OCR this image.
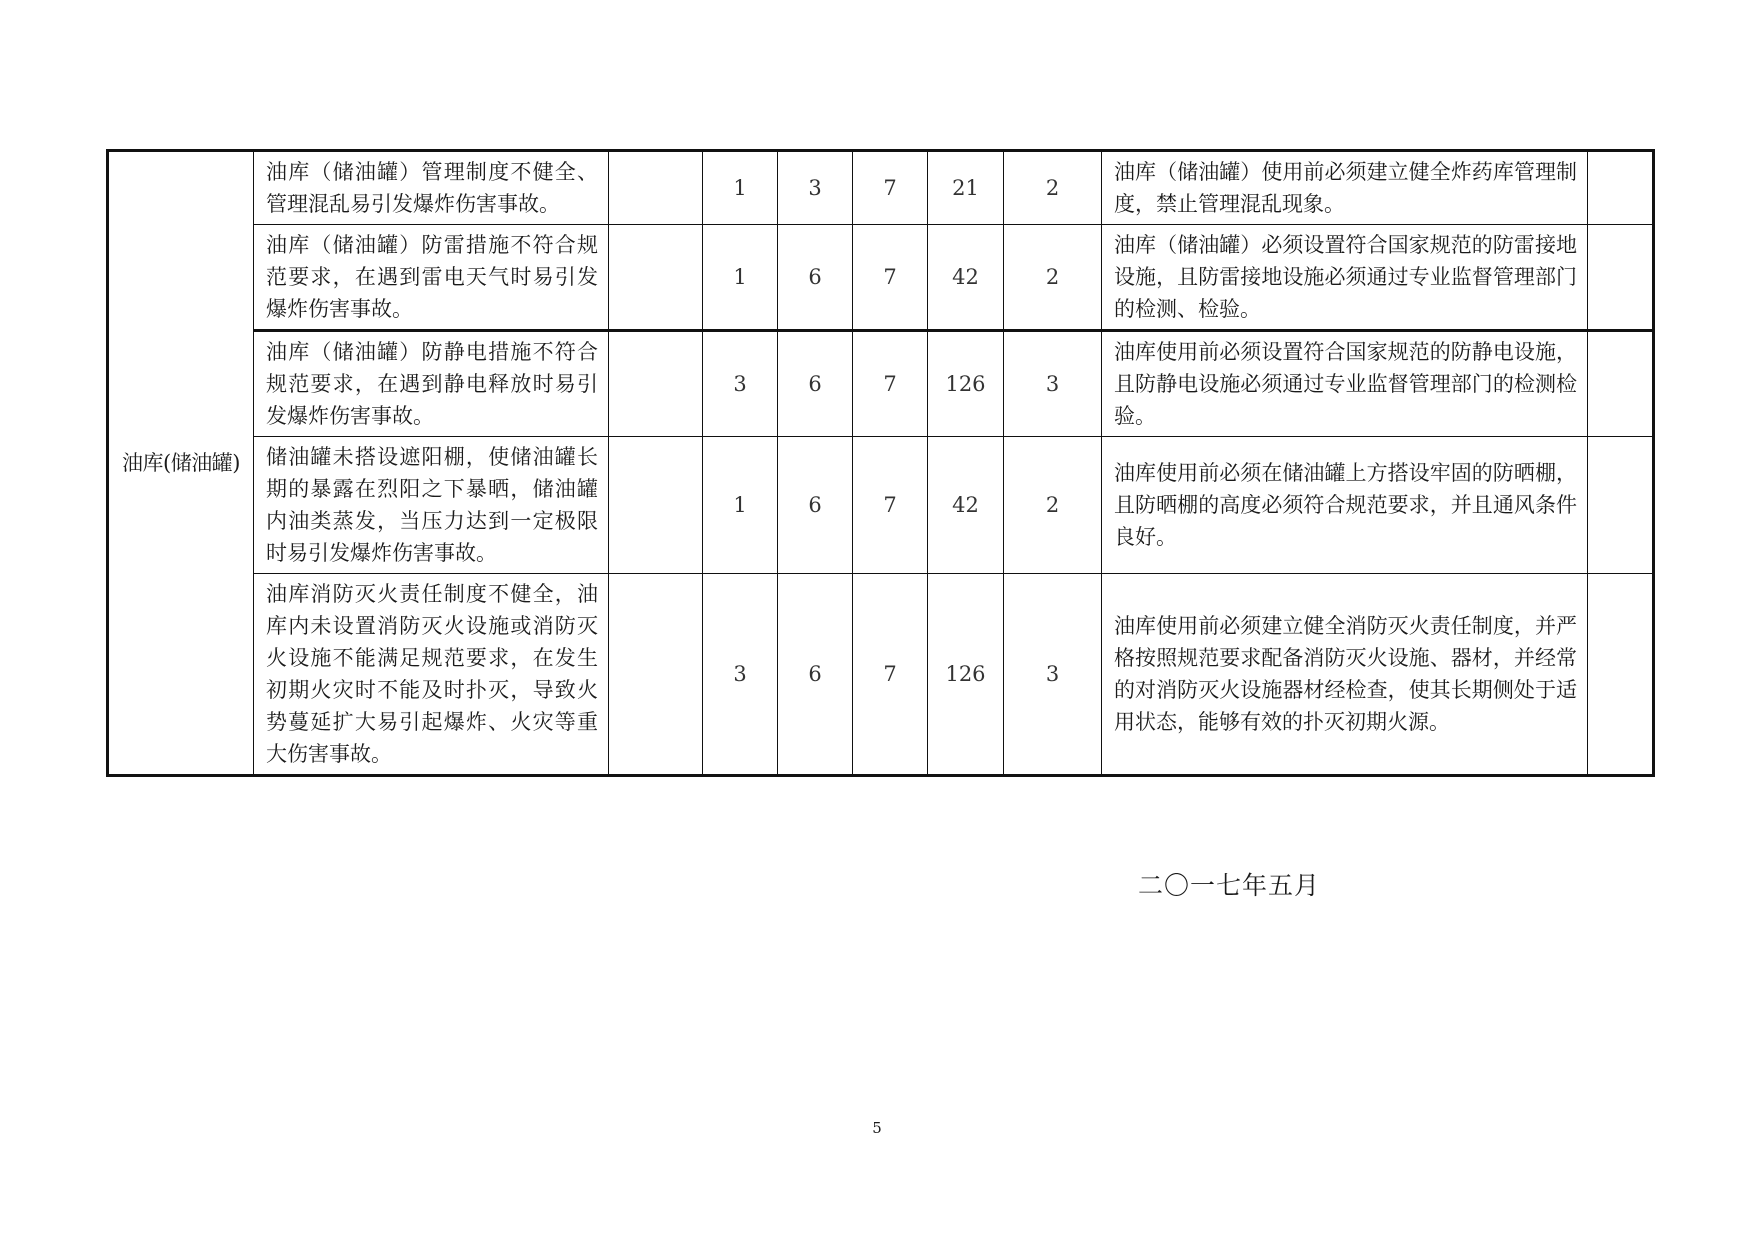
油库(储油罐)	油库（储油罐）管理制度不健全、管理混乱易引发爆炸伤害事故。		1	3	7	21	2	油库（储油罐）使用前必须建立健全炸药库管理制度，禁止管理混乱现象。	
	油库（储油罐）防雷措施不符合规范要求，在遇到雷电天气时易引发爆炸伤害事故。		1	6	7	42	2	油库（储油罐）必须设置符合国家规范的防雷接地设施，且防雷接地设施必须通过专业监督管理部门的检测、检验。	
	油库（储油罐）防静电措施不符合规范要求，在遇到静电释放时易引发爆炸伤害事故。		3	6	7	126	3	油库使用前必须设置符合国家规范的防静电设施，且防静电设施必须通过专业监督管理部门的检测检验。	
	储油罐未搭设遮阳棚，使储油罐长期的暴露在烈阳之下暴晒，储油罐内油类蒸发，当压力达到一定极限时易引发爆炸伤害事故。		1	6	7	42	2	油库使用前必须在储油罐上方搭设牢固的防晒棚，且防晒棚的高度必须符合规范要求，并且通风条件良好。	
	油库消防灭火责任制度不健全，油库内未设置消防灭火设施或消防灭火设施不能满足规范要求，在发生初期火灾时不能及时扑灭，导致火势蔓延扩大易引起爆炸、火灾等重大伤害事故。		3	6	7	126	3	油库使用前必须建立健全消防灭火责任制度，并严格按照规范要求配备消防灭火设施、器材，并经常的对消防灭火设施器材经检查，使其长期侧处于适用状态，能够有效的扑灭初期火源。	
二〇一七年五月
5
